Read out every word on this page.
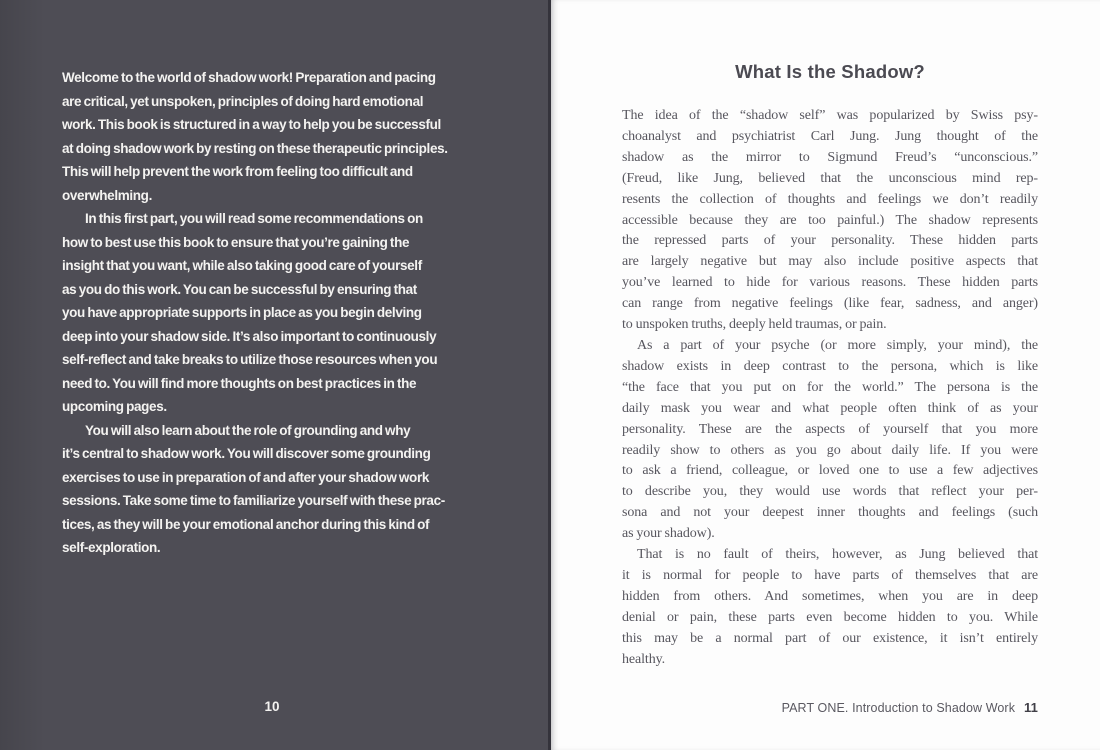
Welcome to the world of shadow work! Preparation and pacing
are critical, yet unspoken, principles of doing hard emotional
work. This book is structured in a way to help you be successful
at doing shadow work by resting on these therapeutic principles.
This will help prevent the work from feeling too difficult and
overwhelming.
In this first part, you will read some recommendations on
how to best use this book to ensure that you’re gaining the
insight that you want, while also taking good care of yourself
as you do this work. You can be successful by ensuring that
you have appropriate supports in place as you begin delving
deep into your shadow side. It’s also important to continuously
self-reflect and take breaks to utilize those resources when you
need to. You will find more thoughts on best practices in the
upcoming pages.
You will also learn about the role of grounding and why
it’s central to shadow work. You will discover some grounding
exercises to use in preparation of and after your shadow work
sessions. Take some time to familiarize yourself with these prac-
tices, as they will be your emotional anchor during this kind of
self-exploration.
10
What Is the Shadow?
The idea of the “shadow self” was popularized by Swiss psy-
choanalyst and psychiatrist Carl Jung. Jung thought of the
shadow as the mirror to Sigmund Freud’s “unconscious.”
(Freud, like Jung, believed that the unconscious mind rep-
resents the collection of thoughts and feelings we don’t readily
accessible because they are too painful.) The shadow represents
the repressed parts of your personality. These hidden parts
are largely negative but may also include positive aspects that
you’ve learned to hide for various reasons. These hidden parts
can range from negative feelings (like fear, sadness, and anger)
to unspoken truths, deeply held traumas, or pain.
As a part of your psyche (or more simply, your mind), the
shadow exists in deep contrast to the persona, which is like
“the face that you put on for the world.” The persona is the
daily mask you wear and what people often think of as your
personality. These are the aspects of yourself that you more
readily show to others as you go about daily life. If you were
to ask a friend, colleague, or loved one to use a few adjectives
to describe you, they would use words that reflect your per-
sona and not your deepest inner thoughts and feelings (such
as your shadow).
That is no fault of theirs, however, as Jung believed that
it is normal for people to have parts of themselves that are
hidden from others. And sometimes, when you are in deep
denial or pain, these parts even become hidden to you. While
this may be a normal part of our existence, it isn’t entirely
healthy.
PART ONE. Introduction to Shadow Work 11
